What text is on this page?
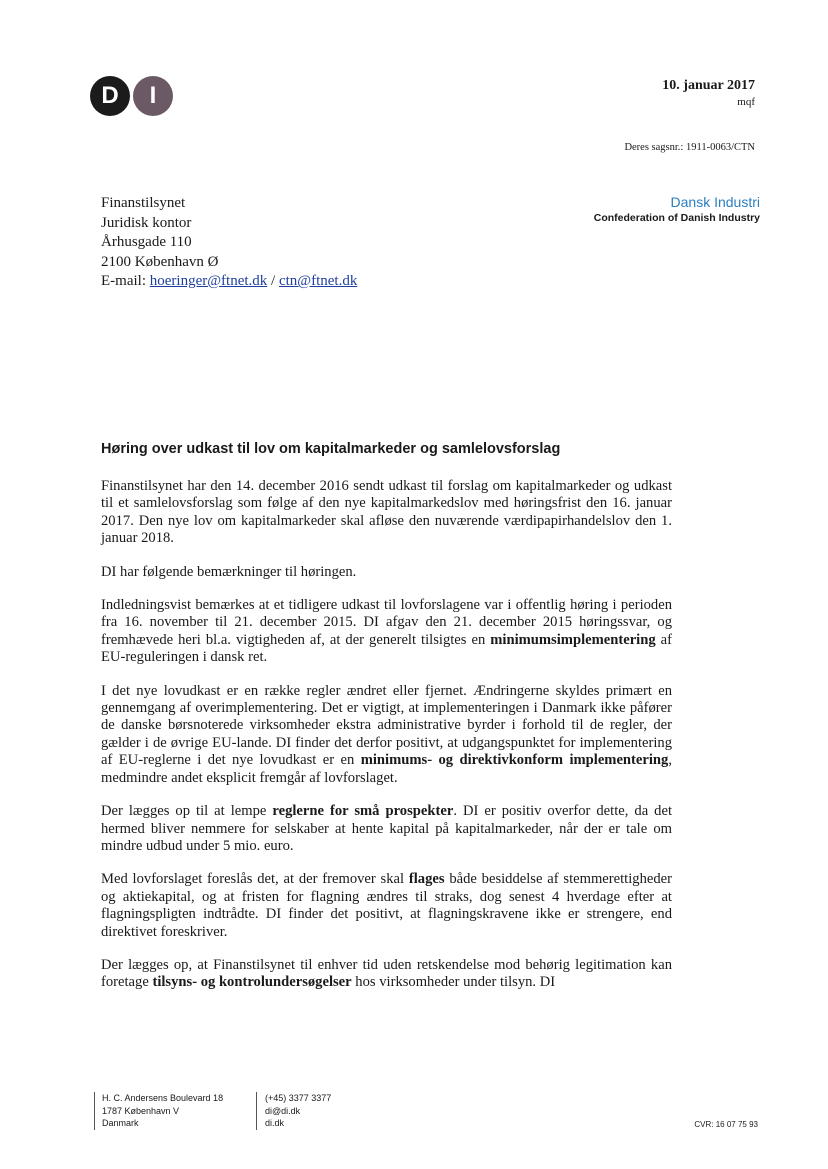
D	I	10. januar 2017
mqf
Deres sagsnr.: 1911-0063/CTN
Finanstilsynet
Juridisk kontor
Århusgade 110
2100 København Ø
E-mail: hoeringer@ftnet.dk / ctn@ftnet.dk
Dansk Industri
Confederation of Danish Industry
Høring over udkast til lov om kapitalmarkeder og samlelovsforslag

Finanstilsynet har den 14. december 2016 sendt udkast til forslag om kapitalmarkeder og udkast til et samlelovsforslag som følge af den nye kapitalmarkedslov med høringsfrist den 16. januar 2017. Den nye lov om kapitalmarkeder skal afløse den nuværende værdipapirhandelslov den 1. januar 2018.

DI har følgende bemærkninger til høringen.

Indledningsvist bemærkes at et tidligere udkast til lovforslagene var i offentlig høring i perioden fra 16. november til 21. december 2015. DI afgav den 21. december 2015 høringssvar, og fremhævede heri bl.a. vigtigheden af, at der generelt tilsigtes en minimumsimplementering af EU-reguleringen i dansk ret.

I det nye lovudkast er en række regler ændret eller fjernet. Ændringerne skyldes primært en gennemgang af overimplementering. Det er vigtigt, at implementeringen i Danmark ikke påfører de danske børsnoterede virksomheder ekstra administrative byrder i forhold til de regler, der gælder i de øvrige EU-lande. DI finder det derfor positivt, at udgangspunktet for implementering af EU-reglerne i det nye lovudkast er en minimums- og direktivkonform implementering, medmindre andet eksplicit fremgår af lovforslaget.

Der lægges op til at lempe reglerne for små prospekter. DI er positiv overfor dette, da det hermed bliver nemmere for selskaber at hente kapital på kapitalmarkeder, når der er tale om mindre udbud under 5 mio. euro.

Med lovforslaget foreslås det, at der fremover skal flages både besiddelse af stemmerettigheder og aktiekapital, og at fristen for flagning ændres til straks, dog senest 4 hverdage efter at flagningspligten indtrådte. DI finder det positivt, at flagningskravene ikke er strengere, end direktivet foreskriver.

Der lægges op, at Finanstilsynet til enhver tid uden retskendelse mod behørig legitimation kan foretage tilsyns- og kontrolundersøgelser hos virksomheder under tilsyn. DI

H. C. Andersens Boulevard 18
1787 København V
Danmark
(+45) 3377 3377
di@di.dk
di.dk	CVR: 16 07 75 93
